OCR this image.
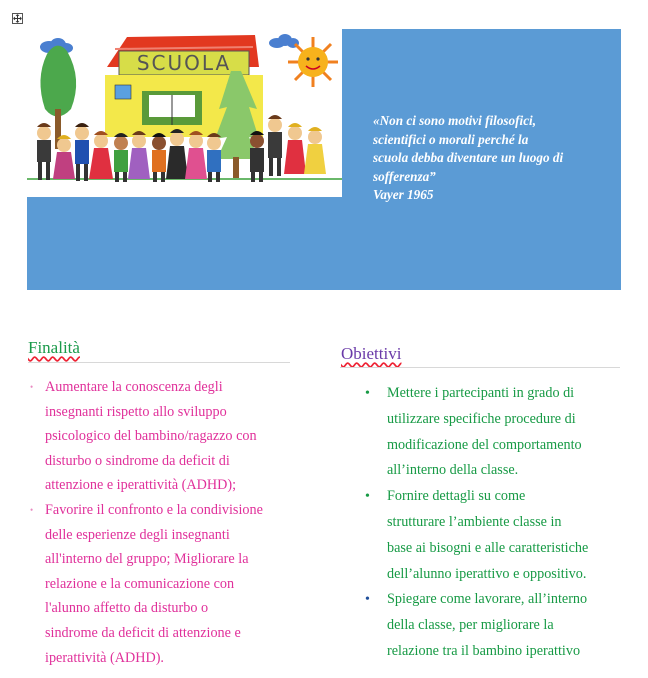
SCUOLA
«Non ci sono motivi filosofici,
scientifici o morali perché la
scuola debba diventare un luogo di
sofferenza”
Vayer 1965
Finalità
• Aumentare la conoscenza degli
insegnanti rispetto allo sviluppo
psicologico del bambino/ragazzo con
disturbo o sindrome da deficit di
attenzione e iperattività (ADHD);
• Favorire il confronto e la condivisione
delle esperienze degli insegnanti
all'interno del gruppo; Migliorare la
relazione e la comunicazione con
l'alunno affetto da disturbo o
sindrome da deficit di attenzione e
iperattività (ADHD).
Obiettivi
• Mettere i partecipanti in grado di
utilizzare specifiche procedure di
modificazione del comportamento
all’interno della classe.
• Fornire dettagli su come
strutturare l’ambiente classe in
base ai bisogni e alle caratteristiche
dell’alunno iperattivo e oppositivo.
• Spiegare come lavorare, all’interno
della classe, per migliorare la
relazione tra il bambino iperattivo
